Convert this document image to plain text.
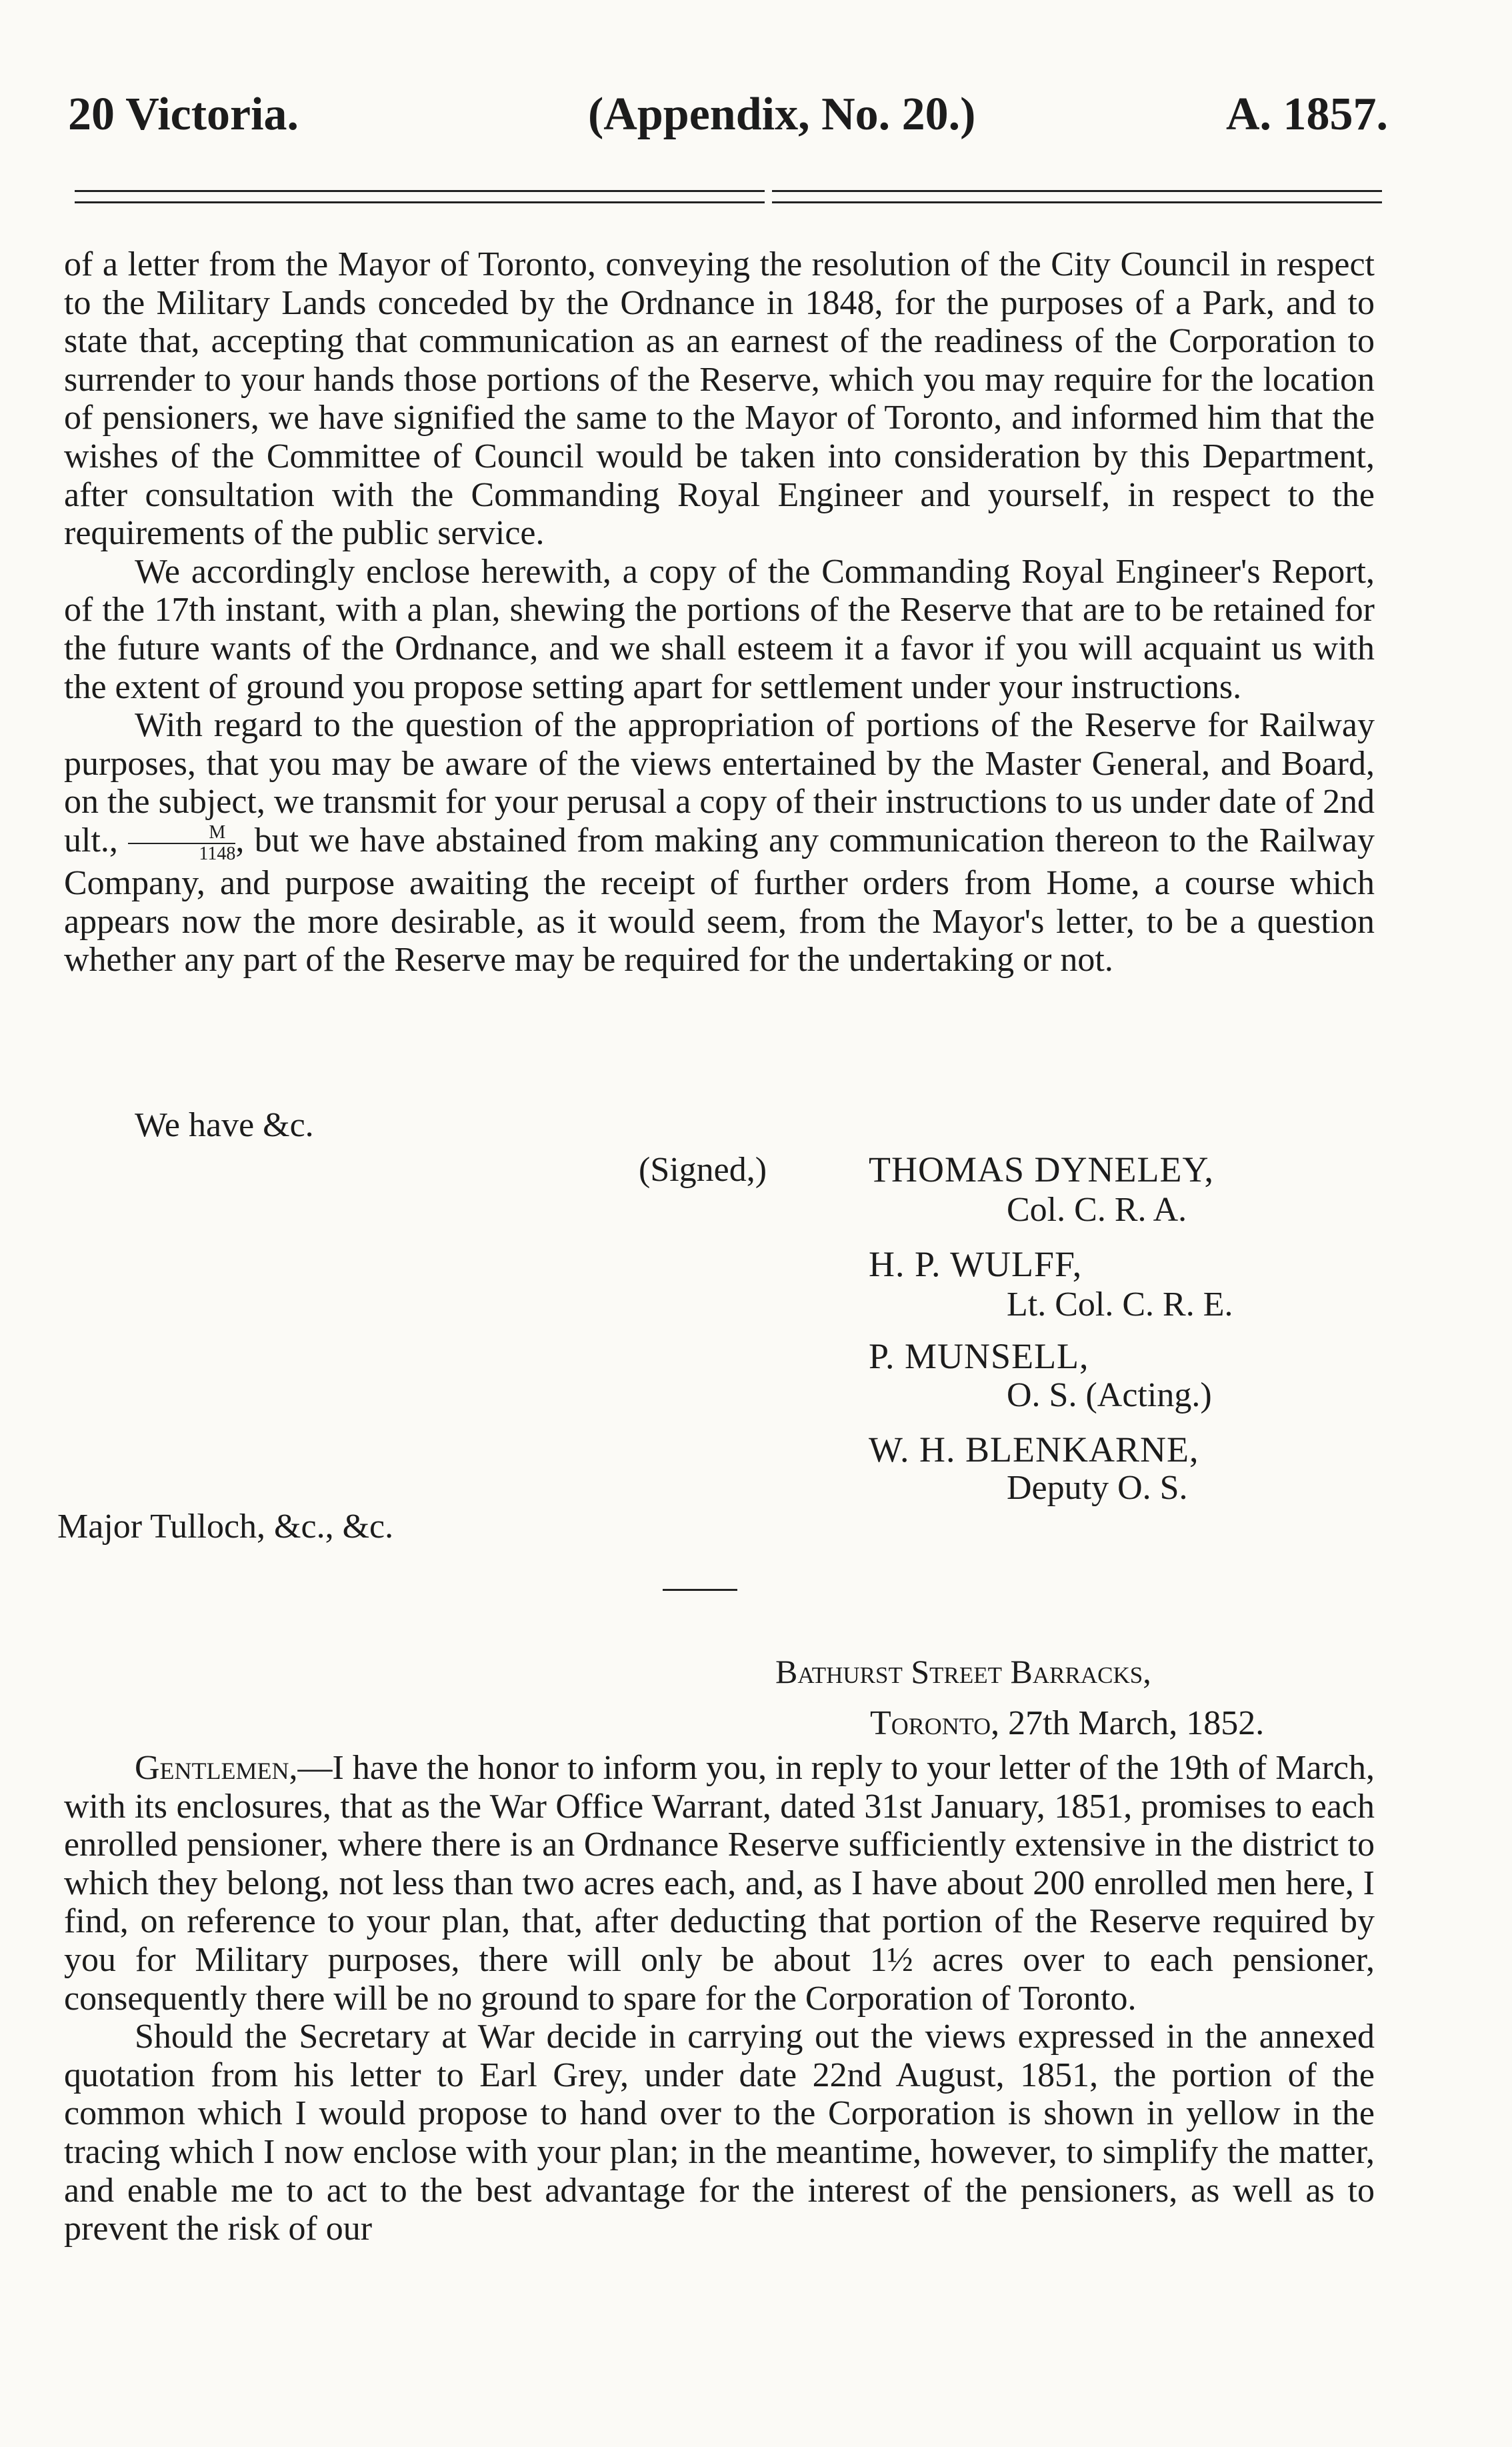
20 Victoria.	(Appendix, No. 20.)	A. 1857.

of a letter from the Mayor of Toronto, conveying the resolution of the City Council in respect to the Military Lands conceded by the Ordnance in 1848, for the purposes of a Park, and to state that, accepting that communication as an earnest of the readiness of the Corporation to surrender to your hands those portions of the Reserve, which you may require for the location of pensioners, we have signified the same to the Mayor of Toronto, and informed him that the wishes of the Committee of Council would be taken into consideration by this Department, after consultation with the Commanding Royal Engineer and yourself, in respect to the requirements of the public service.

We accordingly enclose herewith, a copy of the Commanding Royal Engineer's Report, of the 17th instant, with a plan, shewing the portions of the Reserve that are to be retained for the future wants of the Ordnance, and we shall esteem it a favor if you will acquaint us with the extent of ground you propose setting apart for settlement under your instructions.

With regard to the question of the appropriation of portions of the Reserve for Railway purposes, that you may be aware of the views entertained by the Master General, and Board, on the subject, we transmit for your perusal a copy of their instructions to us under date of 2nd ult., $\frac{M}{1148}$ , but we have abstained from making any communication thereon to the Railway Company, and purpose awaiting the receipt of further orders from Home, a course which appears now the more desirable, as it would seem, from the Mayor's letter, to be a question whether any part of the Reserve may be required for the undertaking or not.

We have &c.
(Signed,)	THOMAS DYNELEY,
Col. C. R. A.
H. P. WULFF,
Lt. Col. C. R. E.
P. MUNSELL,
O. S. (Acting.)
W. H. BLENKARNE,
Deputy O. S.
Major Tulloch, &c., &c.
Bathurst Street Barracks,
Toronto, 27th March, 1852.

Gentlemen,—I have the honor to inform you, in reply to your letter of the 19th of March, with its enclosures, that as the War Office Warrant, dated 31st January, 1851, promises to each enrolled pensioner, where there is an Ordnance Reserve sufficiently extensive in the district to which they belong, not less than two acres each, and, as I have about 200 enrolled men here, I find, on reference to your plan, that, after deducting that portion of the Reserve required by you for Military purposes, there will only be about 1½ acres over to each pensioner, consequently there will be no ground to spare for the Corporation of Toronto.

Should the Secretary at War decide in carrying out the views expressed in the annexed quotation from his letter to Earl Grey, under date 22nd August, 1851, the portion of the common which I would propose to hand over to the Corporation is shown in yellow in the tracing which I now enclose with your plan; in the meantime, however, to simplify the matter, and enable me to act to the best advantage for the interest of the pensioners, as well as to prevent the risk of our
